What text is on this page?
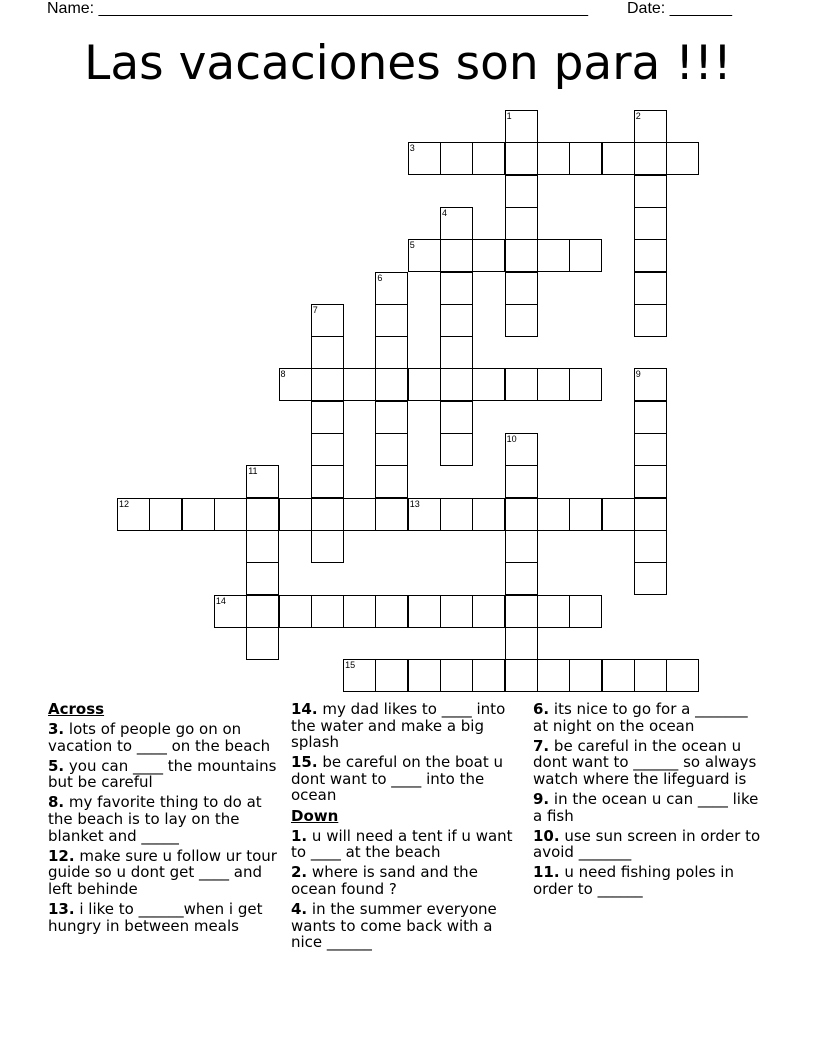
Name: _______________________________________________________ Date: _______
Las vacaciones son para !!!
1	2
3
4
5
6
7
8	9
10
11
12	13
14
15

Across

3. lots of people go on on vacation to ____ on the beach

5. you can ____ the mountains but be careful

8. my favorite thing to do at the beach is to lay on the blanket and _____

12. make sure u follow ur tour guide so u dont get ____ and left behinde

13. i like to ______when i get hungry in between meals

14. my dad likes to ____ into the water and make a big splash

15. be careful on the boat u dont want to ____ into the ocean

Down

1. u will need a tent if u want to ____ at the beach

2. where is sand and the ocean found ?

4. in the summer everyone wants to come back with a nice ______

6. its nice to go for a _______ at night on the ocean

7. be careful in the ocean u dont want to ______ so always watch where the lifeguard is

9. in the ocean u can ____ like a fish

10. use sun screen in order to avoid _______

11. u need fishing poles in order to ______
